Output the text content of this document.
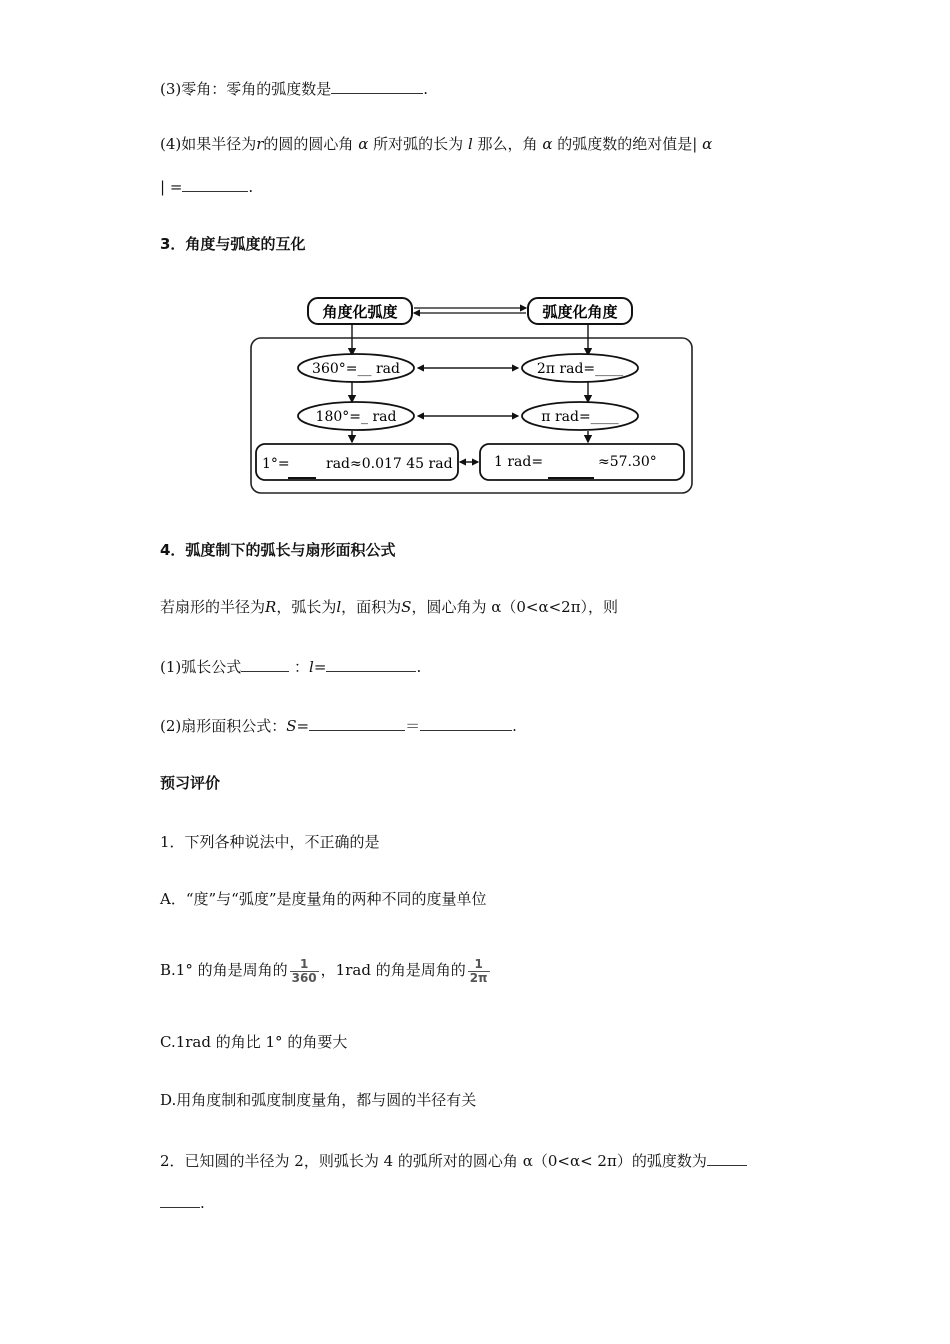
(3)零角：零角的弧度数是	.
(4)如果半径为r的圆的圆心角 α 所对弧的长为 l 那么，角 α 的弧度数的绝对值是| α
| =	.
3．角度与弧度的互化
角度化弧度	弧度化角度
360°=__ rad	2π rad=____
180°=_ rad	π rad=____
1°=	rad≈0.017 45 rad	1 rad=	≈57.30°
4．弧度制下的弧长与扇形面积公式
若扇形的半径为R，弧长为l，面积为S，圆心角为 α（0<α<2π），则
(1)弧长公式	：l=	.
(2)扇形面积公式：S=	＝	.
预习评价
1．下列各种说法中，不正确的是
A．“度”与“弧度”是度量角的两种不同的度量单位
B.1° 的角是周角的 $\frac{1}{360}$ ，1rad 的角是周角的 $\frac{1}{2\pi}$
C.1rad 的角比 1° 的角要大
D.用角度制和弧度制度量角，都与圆的半径有关
2．已知圆的半径为 2，则弧长为 4 的弧所对的圆心角 α（0<α< 2π）的弧度数为
.
